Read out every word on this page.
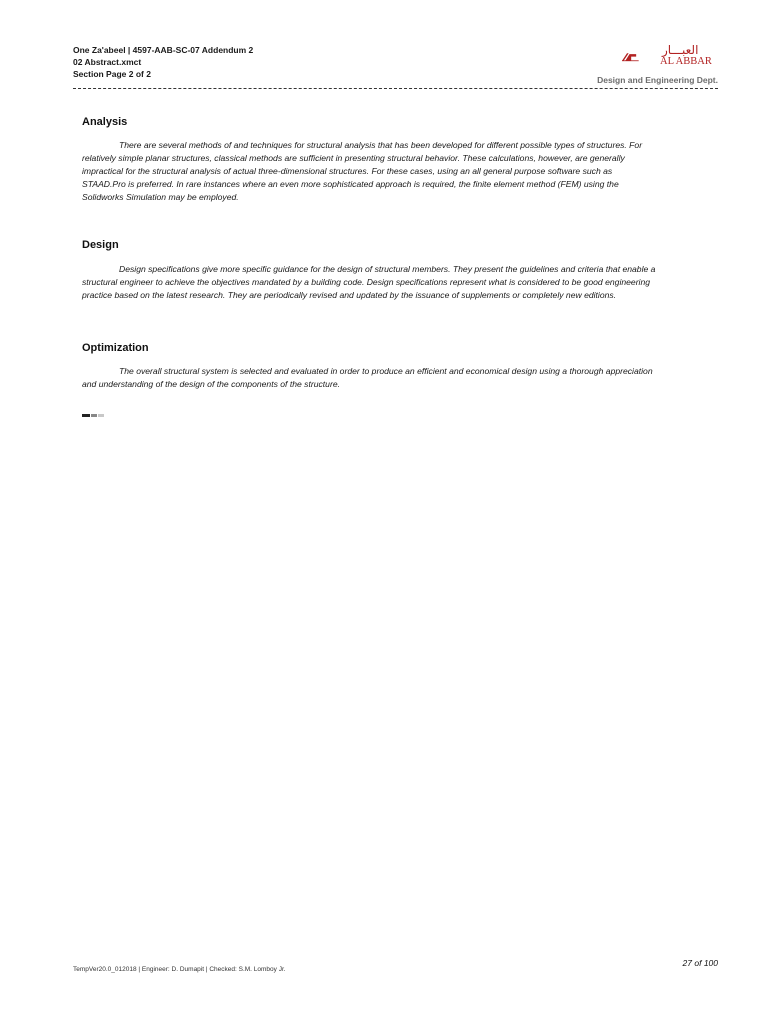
One Za'abeel | 4597-AAB-SC-07 Addendum 2
02 Abstract.xmct
Section Page 2 of 2
العبـــار
AL ABBAR
Design and Engineering Dept.
Analysis

There are several methods of and techniques for structural analysis that has been developed for different possible types of structures. For relatively simple planar structures, classical methods are sufficient in presenting structural behavior. These calculations, however, are generally impractical for the structural analysis of actual three-dimensional structures. For these cases, using an all general purpose software such as STAAD.Pro is preferred. In rare instances where an even more sophisticated approach is required, the finite element method (FEM) using the Solidworks Simulation may be employed.

Design

Design specifications give more specific guidance for the design of structural members. They present the guidelines and criteria that enable a structural engineer to achieve the objectives mandated by a building code. Design specifications represent what is considered to be good engineering practice based on the latest research. They are periodically revised and updated by the issuance of supplements or completely new editions.

Optimization

The overall structural system is selected and evaluated in order to produce an efficient and economical design using a thorough appreciation and understanding of the design of the components of the structure.

27 of 100
TempVer20.0_012018 | Engineer: D. Dumapit | Checked: S.M. Lomboy Jr.
